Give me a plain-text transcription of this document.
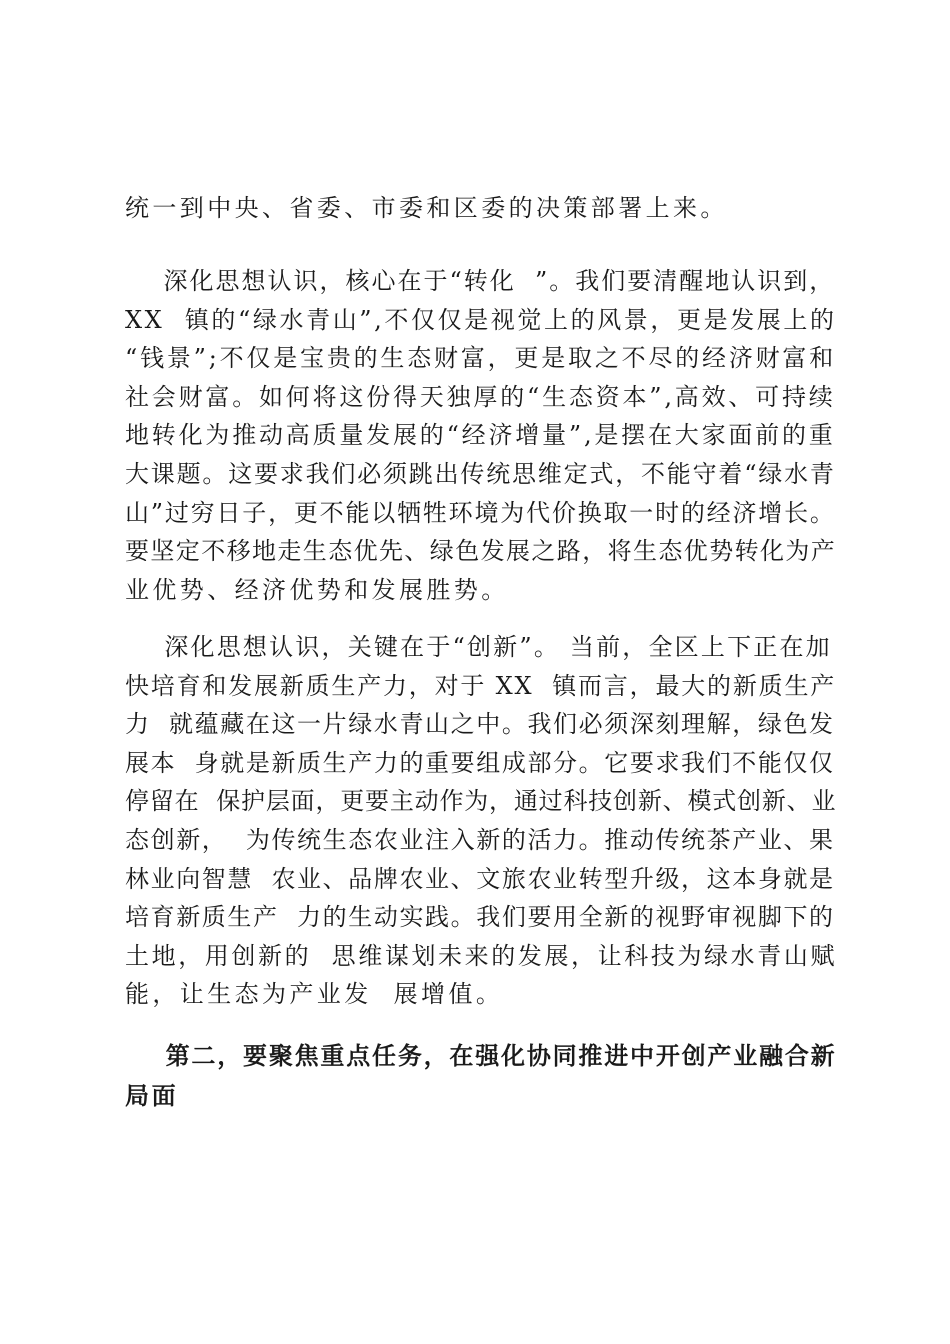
统一到中央、省委、市委和区委的决策部署上来。
深化思想认识，核心在于“转化  ”。我们要清醒地认识到，
XX  镇的“绿水青山”,不仅仅是视觉上的风景，更是发展上的
“钱景”;不仅是宝贵的生态财富，更是取之不尽的经济财富和
社会财富。如何将这份得天独厚的“生态资本”,高效、可持续
地转化为推动高质量发展的“经济增量”,是摆在大家面前的重
大课题。这要求我们必须跳出传统思维定式，不能守着“绿水青
山”过穷日子，更不能以牺牲环境为代价换取一时的经济增长。
要坚定不移地走生态优先、绿色发展之路，将生态优势转化为产
业优势、经济优势和发展胜势。
深化思想认识，关键在于“创新”。 当前，全区上下正在加
快培育和发展新质生产力，对于 XX  镇而言，最大的新质生产
力  就蕴藏在这一片绿水青山之中。我们必须深刻理解，绿色发
展本  身就是新质生产力的重要组成部分。它要求我们不能仅仅
停留在  保护层面，更要主动作为，通过科技创新、模式创新、业
态创新，  为传统生态农业注入新的活力。推动传统茶产业、果
林业向智慧  农业、品牌农业、文旅农业转型升级，这本身就是
培育新质生产  力的生动实践。我们要用全新的视野审视脚下的
土地，用创新的  思维谋划未来的发展，让科技为绿水青山赋
能，让生态为产业发  展增值。
第二，要聚焦重点任务，在强化协同推进中开创产业融合新
局面
